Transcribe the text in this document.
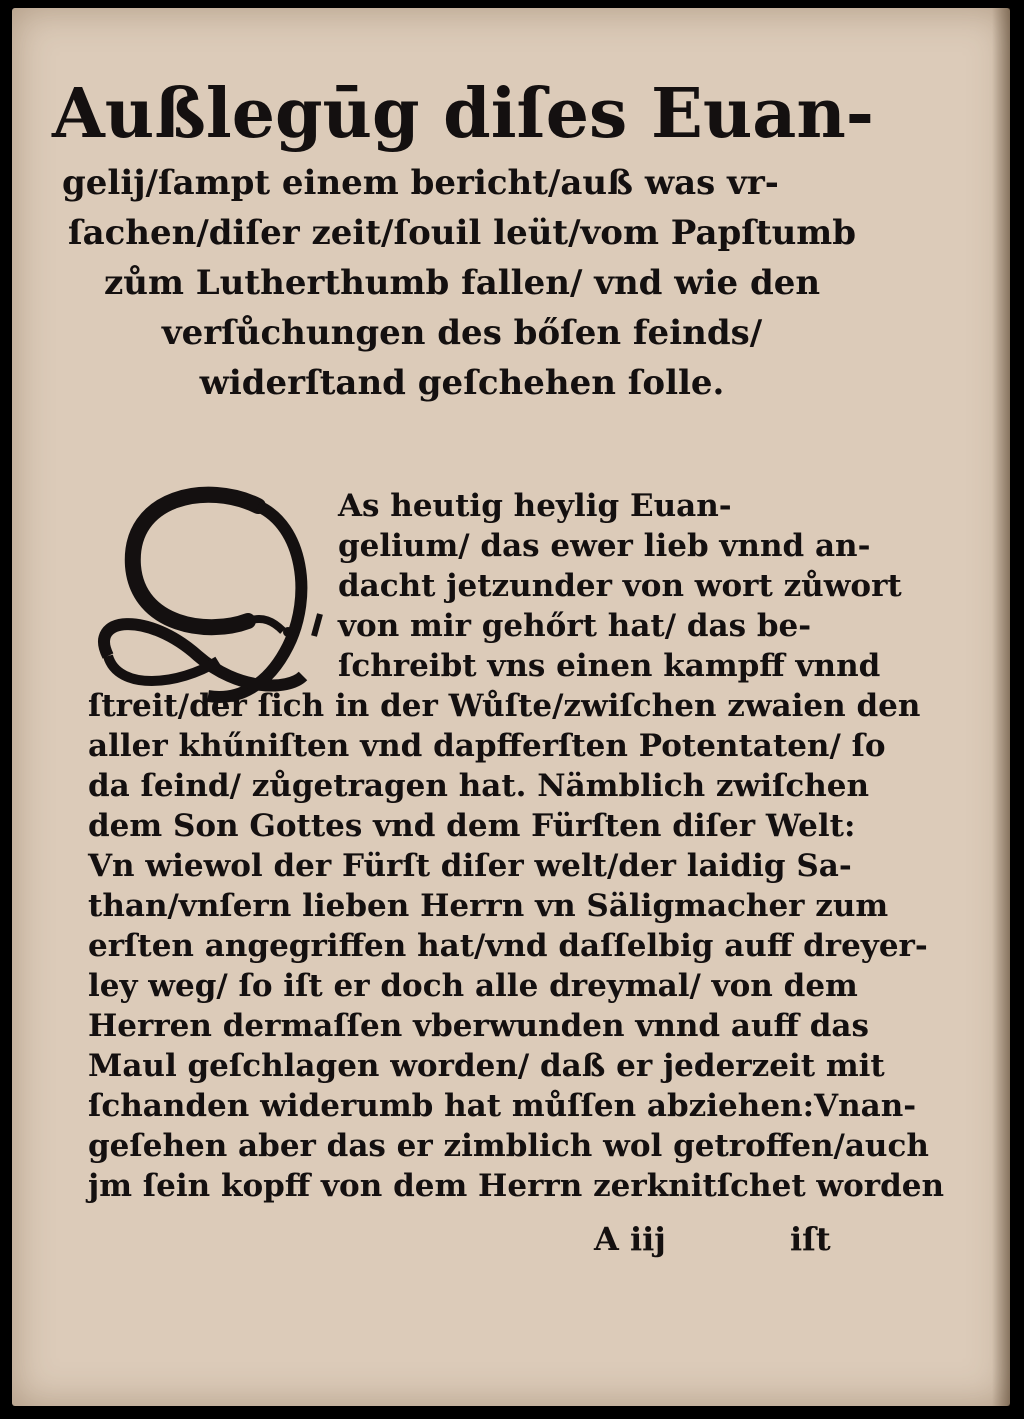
Außlegūg diſes Euan-
gelij/ſampt einem bericht/auß was vr-
ſachen/diſer zeit/ſouil leüt/vom Papſtumb
zům Lutherthumb fallen/ vnd wie den
verſůchungen des bőſen feinds/
widerſtand geſchehen ſolle.
As heutig heylig Euan-
gelium/ das ewer lieb vnnd an-
dacht jetzunder von wort zůwort
von mir gehőrt hat/ das be-
ſchreibt vns einen kampff vnnd
ſtreit/der ſich in der Wůſte/zwiſchen zwaien den
aller khűniſten vnd dapfferſten Potentaten/ ſo
da ſeind/ zůgetragen hat. Nämblich zwiſchen
dem Son Gottes vnd dem Fürſten diſer Welt:
Vn wiewol der Fürſt diſer welt/der laidig Sa-
than/vnſern lieben Herrn vn Säligmacher zum
erſten angegriffen hat/vnd daſſelbig auff dreyer-
ley weg/ ſo iſt er doch alle dreymal/ von dem
Herren dermaſſen vberwunden vnnd auff das
Maul geſchlagen worden/ daß er jederzeit mit
ſchanden widerumb hat můſſen abziehen:Vnan-
geſehen aber das er zimblich wol getroffen/auch
jm ſein kopff von dem Herrn zerknitſchet worden
A iij	iſt
